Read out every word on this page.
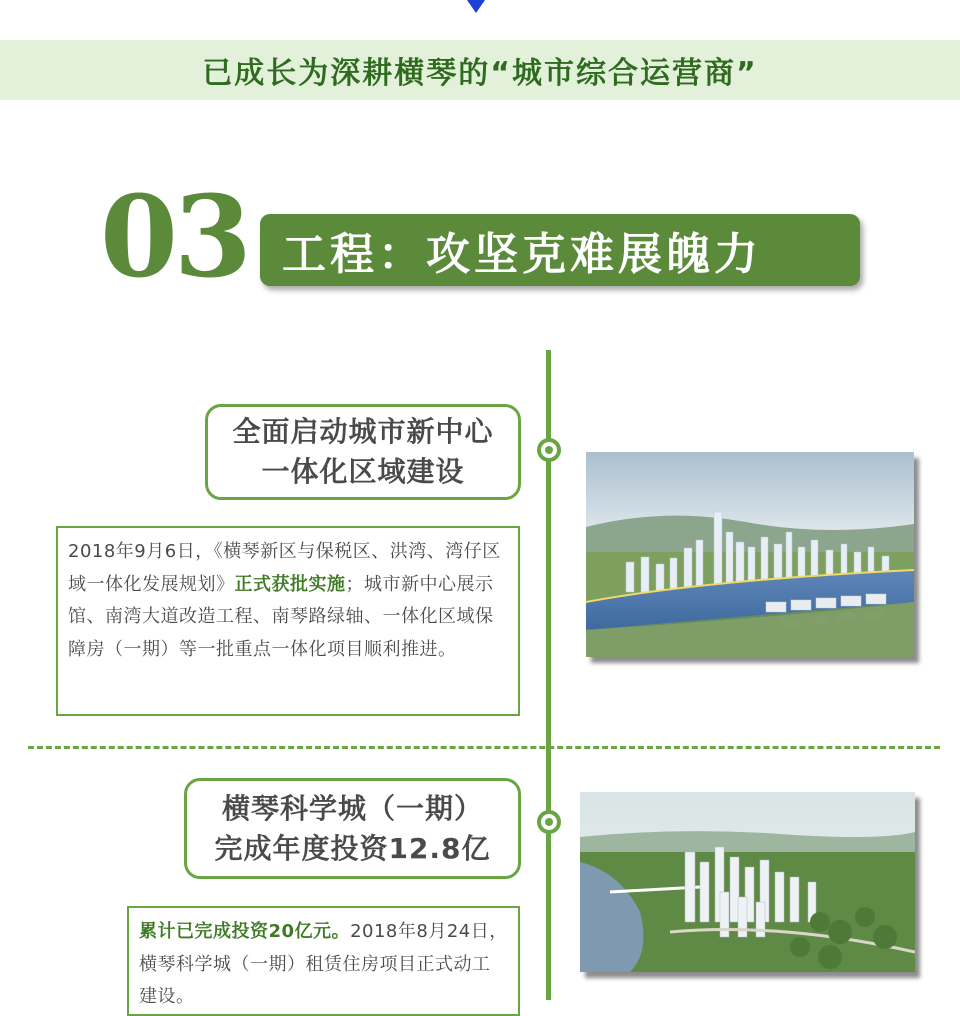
已成长为深耕横琴的“城市综合运营商”
03 工程：攻坚克难展魄力
全面启动城市新中心
一体化区域建设
2018年9月6日，《横琴新区与保税区、洪湾、湾仔区域一体化发展规划》正式获批实施；城市新中心展示馆、南湾大道改造工程、南琴路绿轴、一体化区域保障房（一期）等一批重点一体化项目顺利推进。
横琴科学城（一期）
完成年度投资12.8亿
累计已完成投资20亿元。2018年8月24日，横琴科学城（一期）租赁住房项目正式动工建设。
